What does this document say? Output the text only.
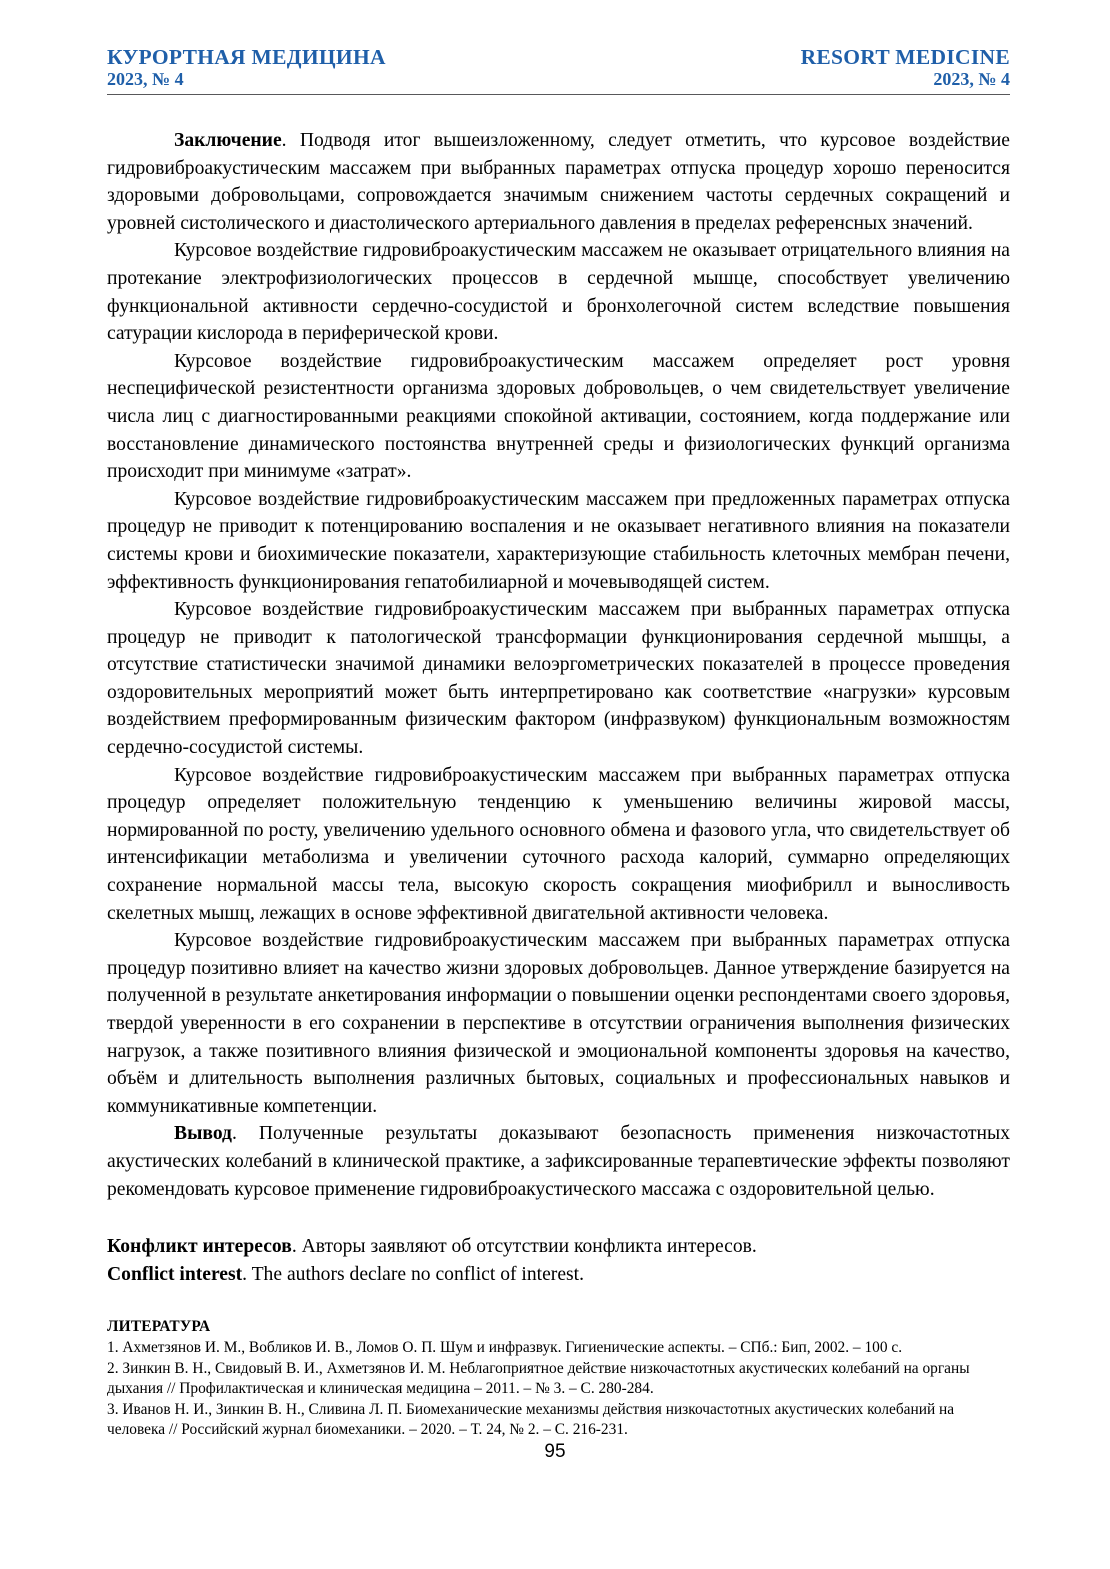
КУРОРТНАЯ МЕДИЦИНА	RESORT MEDICINE
2023, № 4	2023, № 4

Заключение. Подводя итог вышеизложенному, следует отметить, что курсовое воздействие гидровиброакустическим массажем при выбранных параметрах отпуска процедур хорошо переносится здоровыми добровольцами, сопровождается значимым снижением частоты сердечных сокращений и уровней систолического и диастолического артериального давления в пределах референсных значений.

Курсовое воздействие гидровиброакустическим массажем не оказывает отрицательного влияния на протекание электрофизиологических процессов в сердечной мышце, способствует увеличению функциональной активности сердечно-сосудистой и бронхолегочной систем вследствие повышения сатурации кислорода в периферической крови.

Курсовое воздействие гидровиброакустическим массажем определяет рост уровня неспецифической резистентности организма здоровых добровольцев, о чем свидетельствует увеличение числа лиц с диагностированными реакциями спокойной активации, состоянием, когда поддержание или восстановление динамического постоянства внутренней среды и физиологических функций организма происходит при минимуме «затрат».

Курсовое воздействие гидровиброакустическим массажем при предложенных параметрах отпуска процедур не приводит к потенцированию воспаления и не оказывает негативного влияния на показатели системы крови и биохимические показатели, характеризующие стабильность клеточных мембран печени, эффективность функционирования гепатобилиарной и мочевыводящей систем.

Курсовое воздействие гидровиброакустическим массажем при выбранных параметрах отпуска процедур не приводит к патологической трансформации функционирования сердечной мышцы, а отсутствие статистически значимой динамики велоэргометрических показателей в процессе проведения оздоровительных мероприятий может быть интерпретировано как соответствие «нагрузки» курсовым воздействием преформированным физическим фактором (инфразвуком) функциональным возможностям сердечно-сосудистой системы.

Курсовое воздействие гидровиброакустическим массажем при выбранных параметрах отпуска процедур определяет положительную тенденцию к уменьшению величины жировой массы, нормированной по росту, увеличению удельного основного обмена и фазового угла, что свидетельствует об интенсификации метаболизма и увеличении суточного расхода калорий, суммарно определяющих сохранение нормальной массы тела, высокую скорость сокращения миофибрилл и выносливость скелетных мышц, лежащих в основе эффективной двигательной активности человека.

Курсовое воздействие гидровиброакустическим массажем при выбранных параметрах отпуска процедур позитивно влияет на качество жизни здоровых добровольцев. Данное утверждение базируется на полученной в результате анкетирования информации о повышении оценки респондентами своего здоровья, твердой уверенности в его сохранении в перспективе в отсутствии ограничения выполнения физических нагрузок, а также позитивного влияния физической и эмоциональной компоненты здоровья на качество, объём и длительность выполнения различных бытовых, социальных и профессиональных навыков и коммуникативные компетенции.

Вывод. Полученные результаты доказывают безопасность применения низкочастотных акустических колебаний в клинической практике, а зафиксированные терапевтические эффекты позволяют рекомендовать курсовое применение гидровиброакустического массажа с оздоровительной целью.

Конфликт интересов. Авторы заявляют об отсутствии конфликта интересов.

Conflict interest. The authors declare no conflict of interest.

ЛИТЕРАТУРА

1. Ахметзянов И. М., Вобликов И. В., Ломов О. П. Шум и инфразвук. Гигиенические аспекты. – СПб.: Бип, 2002. – 100 с.
2. Зинкин В. Н., Свидовый В. И., Ахметзянов И. М. Неблагоприятное действие низкочастотных акустических колебаний на органы дыхания // Профилактическая и клиническая медицина – 2011. – № 3. – С. 280-284.
3. Иванов Н. И., Зинкин В. Н., Сливина Л. П. Биомеханические механизмы действия низкочастотных акустических колебаний на человека // Российский журнал биомеханики. – 2020. – Т. 24, № 2. – С. 216-231.
95
